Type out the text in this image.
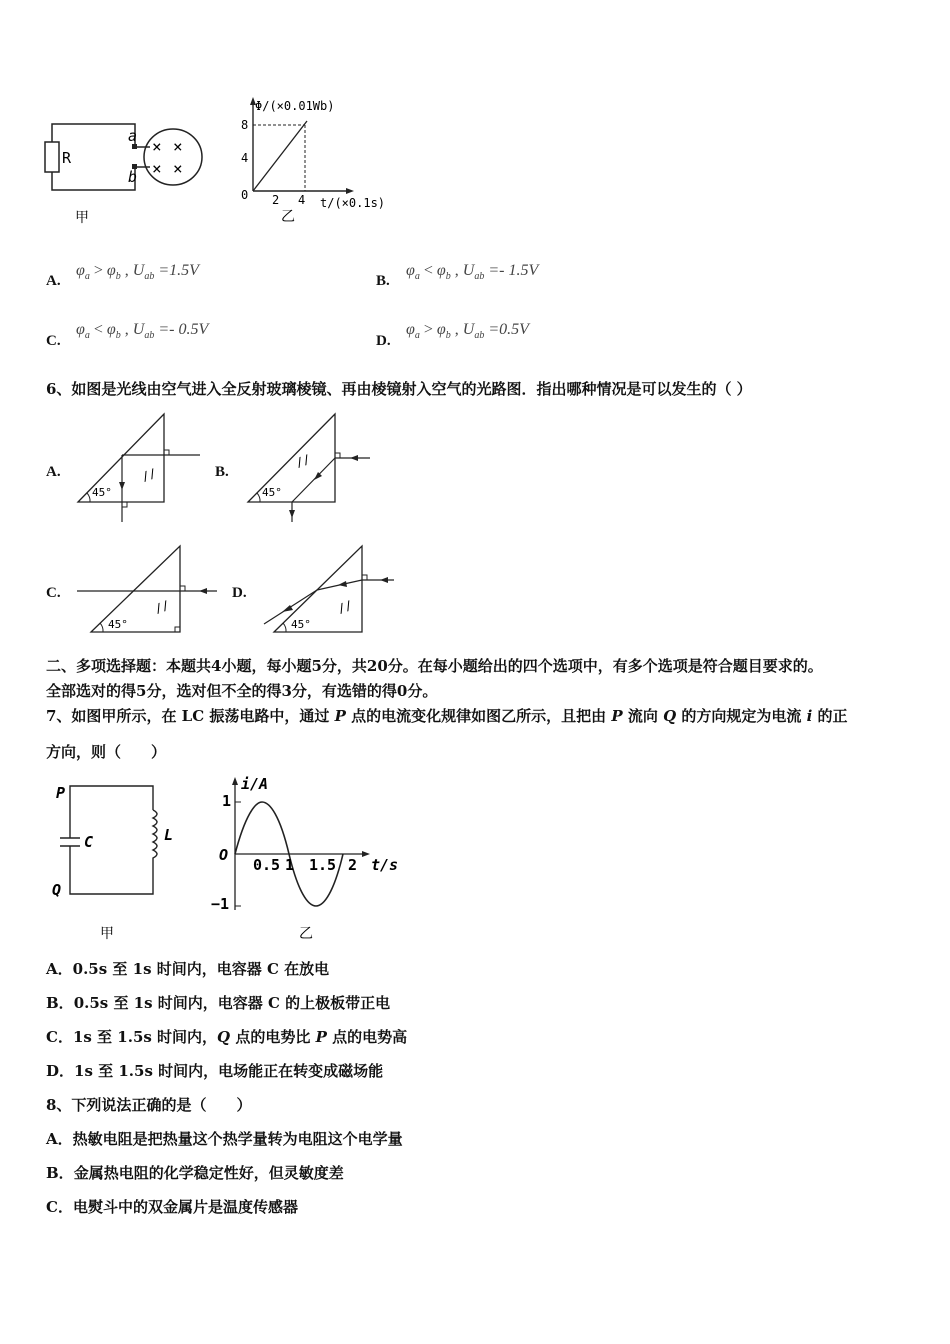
R
a
b
× ×
× ×
甲
Φ/(×0.01Wb)
8
4
0 2 4 t/(×0.1s)
乙
A.
$\varphi_a > \varphi_b$ , $U_{ab} =1.5V$
B.
$\varphi_a < \varphi_b$ , $U_{ab} =- 1.5V$
C.
$\varphi_a < \varphi_b$ , $U_{ab} =- 0.5V$
D.
$\varphi_a > \varphi_b$ , $U_{ab} =0.5V$
6、如图是光线由空气进入全反射玻璃棱镜、再由棱镜射入空气的光路图．指出哪种情况是可以发生的（ ）
A.
45°
//	B.
45°
//
C.
45°
//
D.
45°
//
二、多项选择题：本题共4小题，每小题5分，共20分。在每小题给出的四个选项中，有多个选项是符合题目要求的。
全部选对的得5分，选对但不全的得3分，有选错的得0分。
7、如图甲所示，在 LC 振荡电路中，通过 P 点的电流变化规律如图乙所示，且把由 P 流向 Q 的方向规定为电流 i 的正
方向，则（　　）
P
Q
C	L
甲
i/A
1
−1
O
0.5 1 1.5 2 t/s
乙
A．0.5s 至 1s 时间内，电容器 C 在放电
B．0.5s 至 1s 时间内，电容器 C 的上极板带正电
C．1s 至 1.5s 时间内，Q 点的电势比 P 点的电势高
D．1s 至 1.5s 时间内，电场能正在转变成磁场能
8、下列说法正确的是（　　）
A．热敏电阻是把热量这个热学量转为电阻这个电学量
B．金属热电阻的化学稳定性好，但灵敏度差
C．电熨斗中的双金属片是温度传感器
